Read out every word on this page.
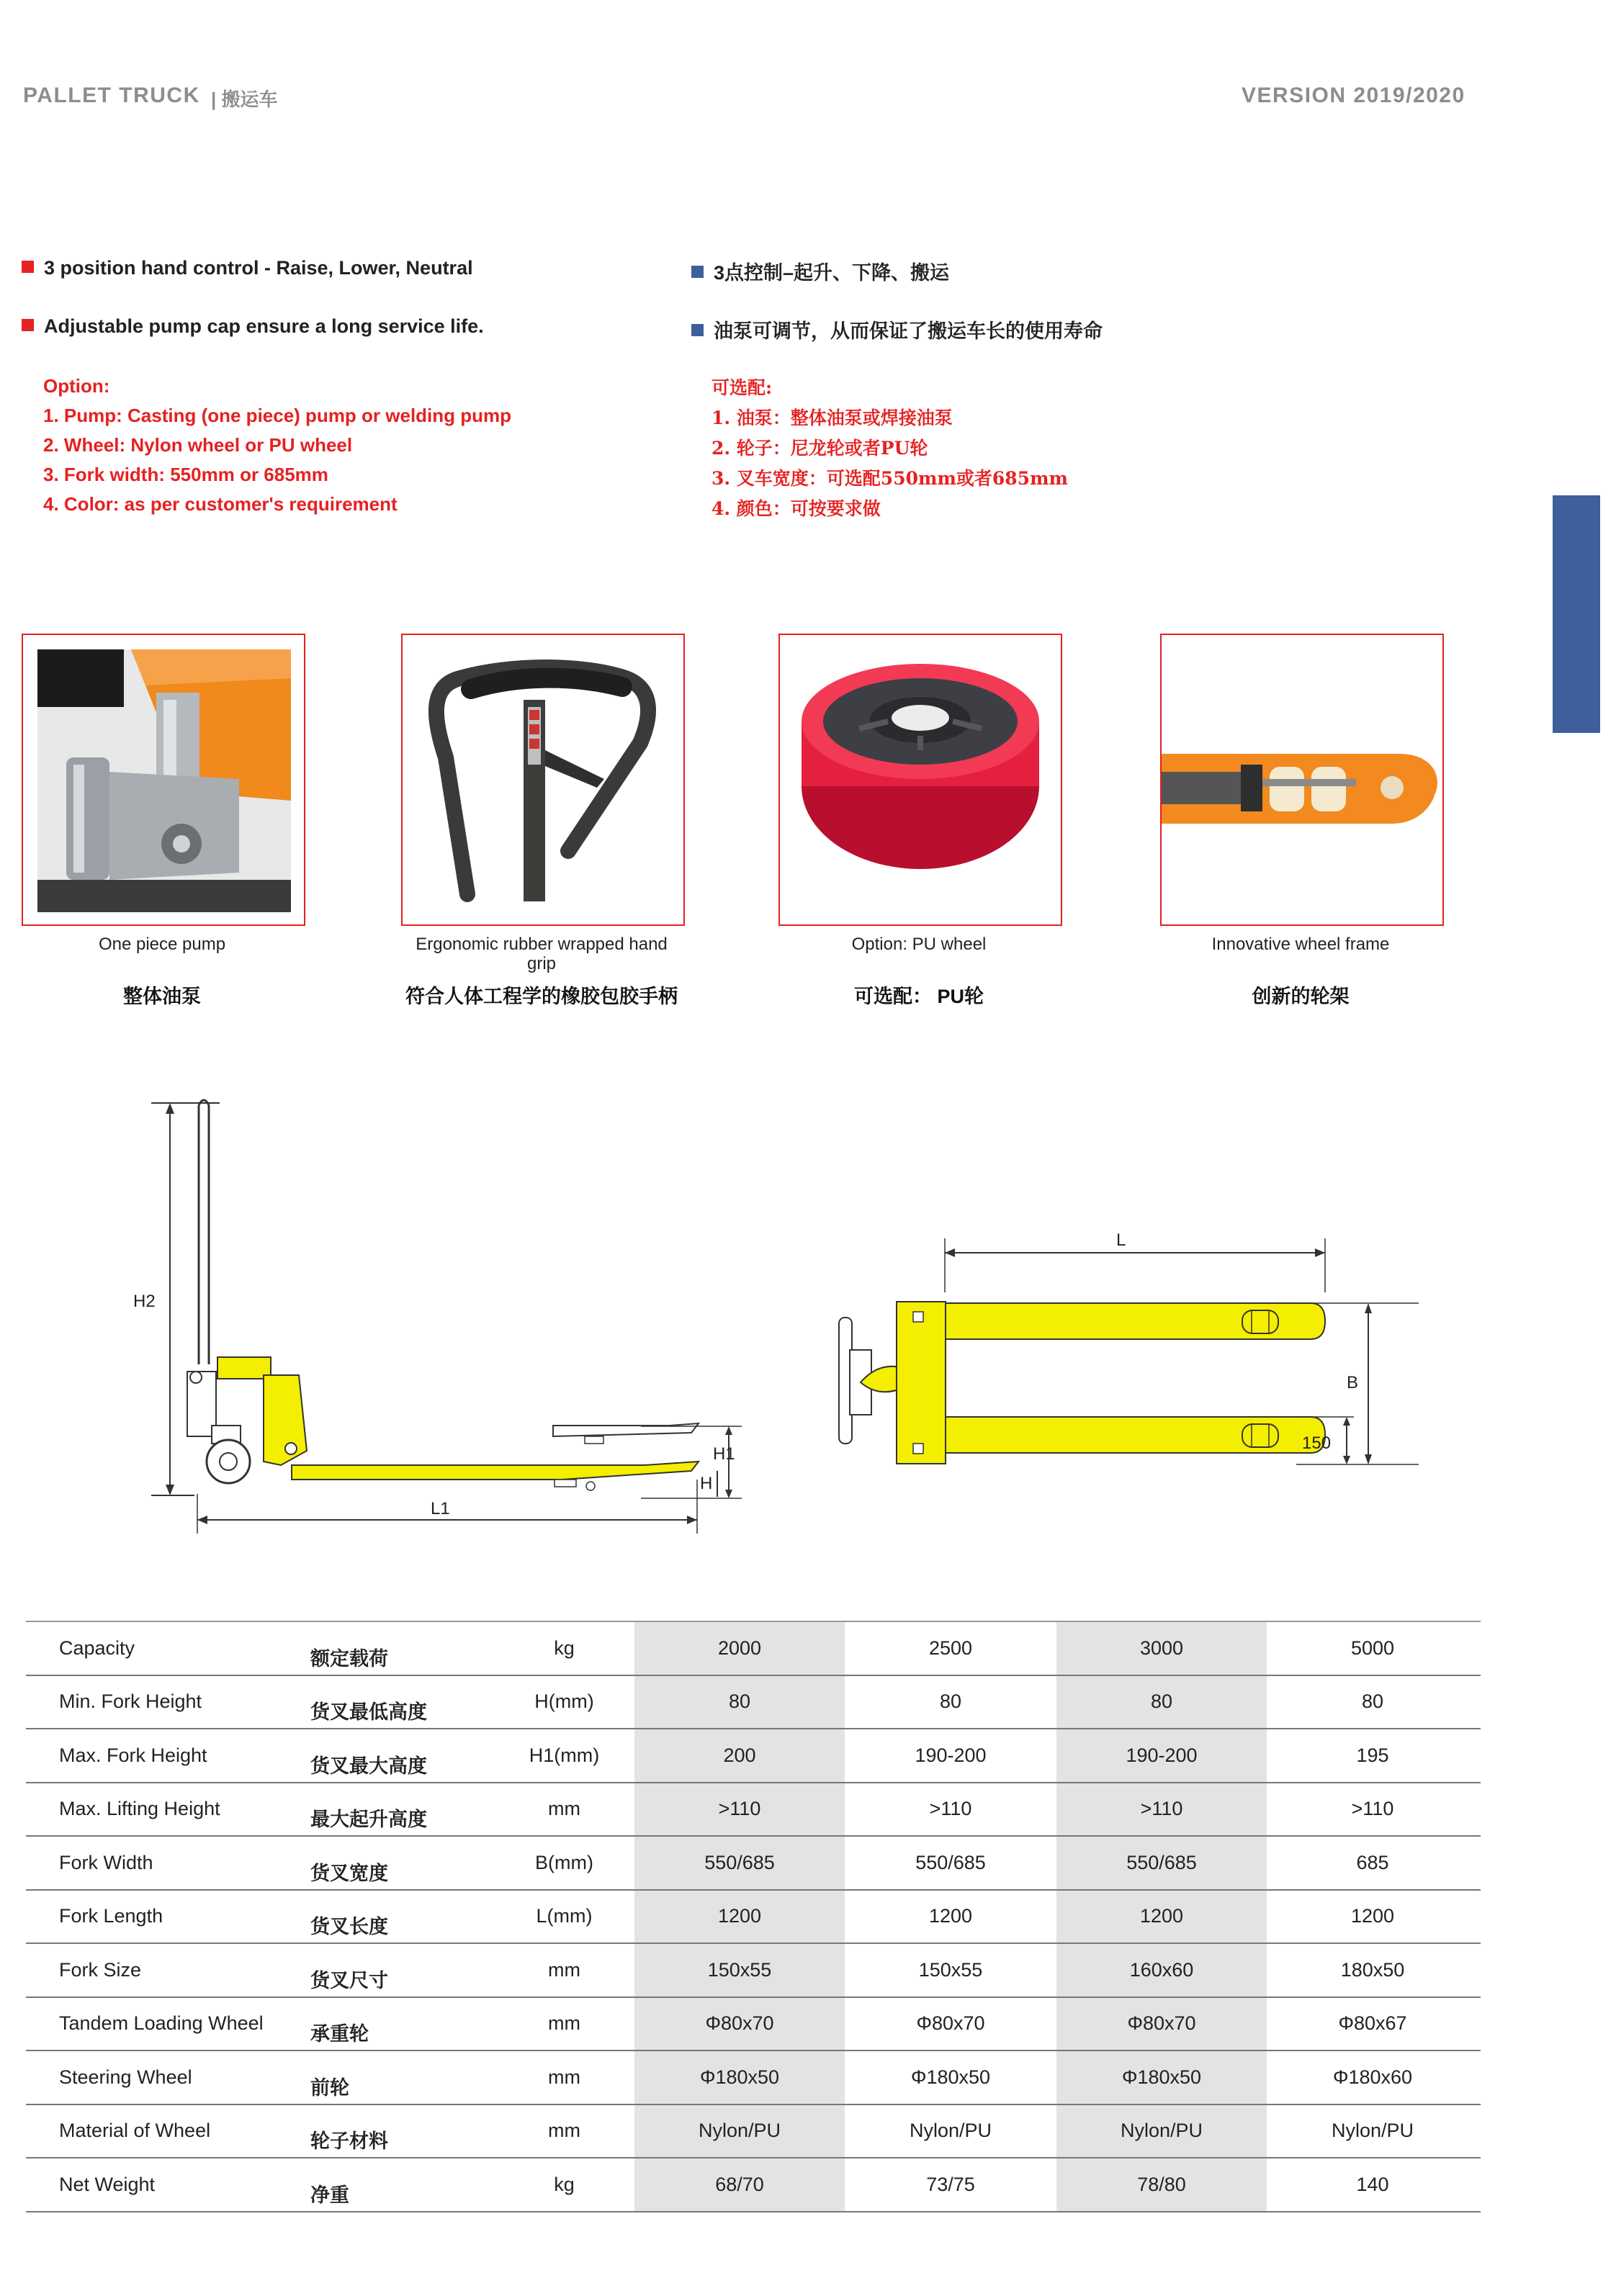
PALLET TRUCK | 搬运车	VERSION 2019/2020
3 position hand control - Raise, Lower, Neutral
Adjustable pump cap ensure a long service life.
3点控制–起升、下降、搬运
油泵可调节，从而保证了搬运车长的使用寿命
Option:
1. Pump: Casting (one piece) pump or welding pump
2. Wheel: Nylon wheel or PU wheel
3. Fork width: 550mm or 685mm
4. Color: as per customer's requirement
可选配:
1. 油泵：整体油泵或焊接油泵
2. 轮子：尼龙轮或者PU轮
3. 叉车宽度：可选配550mm或者685mm
4. 颜色：可按要求做
One piece pump
整体油泵
Ergonomic rubber wrapped hand grip
符合人体工程学的橡胶包胶手柄
Option: PU wheel
可选配： PU轮
Innovative wheel frame
创新的轮架
H2
H1
H
L1
L
B
150
Capacity	额定载荷	kg	2000	2500	3000	5000
Min. Fork Height	货叉最低高度	H(mm)	80	80	80	80
Max. Fork Height	货叉最大高度	H1(mm)	200	190-200	190-200	195
Max. Lifting Height	最大起升高度	mm	>110	>110	>110	>110
Fork Width	货叉宽度	B(mm)	550/685	550/685	550/685	685
Fork Length	货叉长度	L(mm)	1200	1200	1200	1200
Fork Size	货叉尺寸	mm	150x55	150x55	160x60	180x50
Tandem Loading Wheel 承重轮	mm	Φ80x70	Φ80x70	Φ80x70	Φ80x67
Steering Wheel	前轮	mm	Φ180x50	Φ180x50	Φ180x50	Φ180x60
Material of Wheel	轮子材料	mm	Nylon/PU	Nylon/PU	Nylon/PU	Nylon/PU
Net Weight	净重	kg	68/70	73/75	78/80	140
